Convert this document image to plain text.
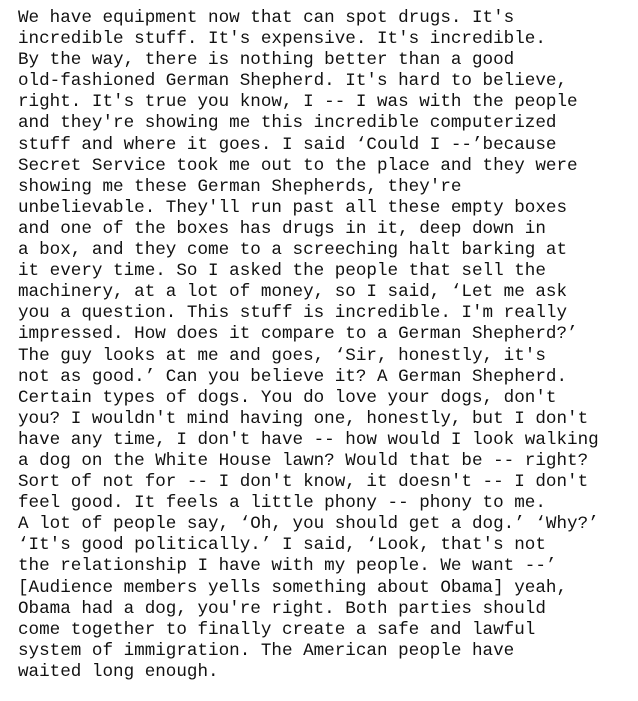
We have equipment now that can spot drugs. It's
incredible stuff. It's expensive. It's incredible.
By the way, there is nothing better than a good
old-fashioned German Shepherd. It's hard to believe,
right. It's true you know, I -- I was with the people
and they're showing me this incredible computerized
stuff and where it goes. I said ‘Could I --’because
Secret Service took me out to the place and they were
showing me these German Shepherds, they're
unbelievable. They'll run past all these empty boxes
and one of the boxes has drugs in it, deep down in
a box, and they come to a screeching halt barking at
it every time. So I asked the people that sell the
machinery, at a lot of money, so I said, ‘Let me ask
you a question. This stuff is incredible. I'm really
impressed. How does it compare to a German Shepherd?’
The guy looks at me and goes, ‘Sir, honestly, it's
not as good.’ Can you believe it? A German Shepherd.
Certain types of dogs. You do love your dogs, don't
you? I wouldn't mind having one, honestly, but I don't
have any time, I don't have -- how would I look walking
a dog on the White House lawn? Would that be -- right?
Sort of not for -- I don't know, it doesn't -- I don't
feel good. It feels a little phony -- phony to me.
A lot of people say, ‘Oh, you should get a dog.’ ‘Why?’
‘It's good politically.’ I said, ‘Look, that's not
the relationship I have with my people. We want --’
[Audience members yells something about Obama] yeah,
Obama had a dog, you're right. Both parties should
come together to finally create a safe and lawful
system of immigration. The American people have
waited long enough.
